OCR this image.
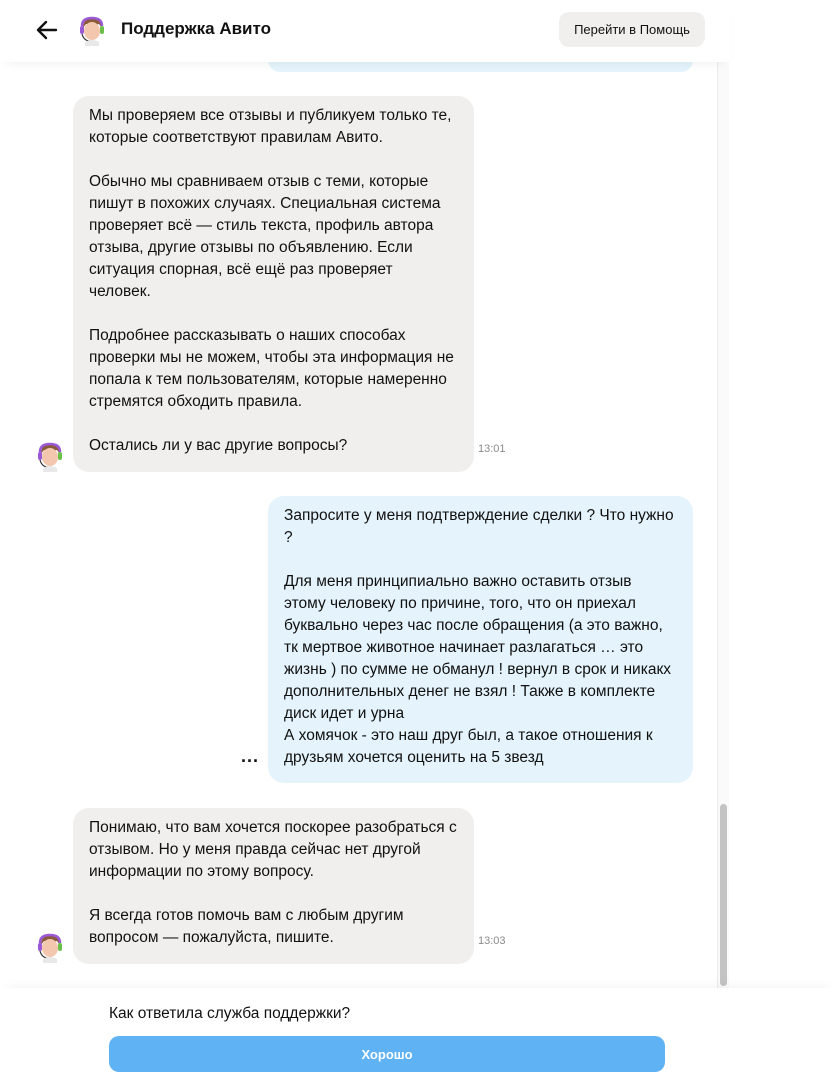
Поддержка Авито	Перейти в Помощь
Мы проверяем все отзывы и публикуем только те, которые соответствуют правилам Авито.

Обычно мы сравниваем отзыв с теми, которые пишут в похожих случаях. Специальная система проверяет всё — стиль текста, профиль автора отзыва, другие отзывы по объявлению. Если ситуация спорная, всё ещё раз проверяет человек.

Подробнее рассказывать о наших способах проверки мы не можем, чтобы эта информация не попала к тем пользователям, которые намеренно стремятся обходить правила.

Остались ли у вас другие вопросы?	13:01
Запросите у меня подтверждение сделки ? Что нужно ?

Для меня принципиально важно оставить отзыв этому человеку по причине, того, что он приехал буквально через час после обращения (а это важно, тк мертвое животное начинает разлагаться … это жизнь ) по сумме не обманул ! вернул в срок и никакх дополнительных денег не взял ! Также в комплекте диск идет и урна
А хомячок - это наш друг был, а такое отношения к друзьям хочется оценить на 5 звезд
...
Понимаю, что вам хочется поскорее разобраться с отзывом. Но у меня правда сейчас нет другой информации по этому вопросу.

Я всегда готов помочь вам с любым другим вопросом — пожалуйста, пишите.	13:03
Как ответила служба поддержки?
Хорошо
